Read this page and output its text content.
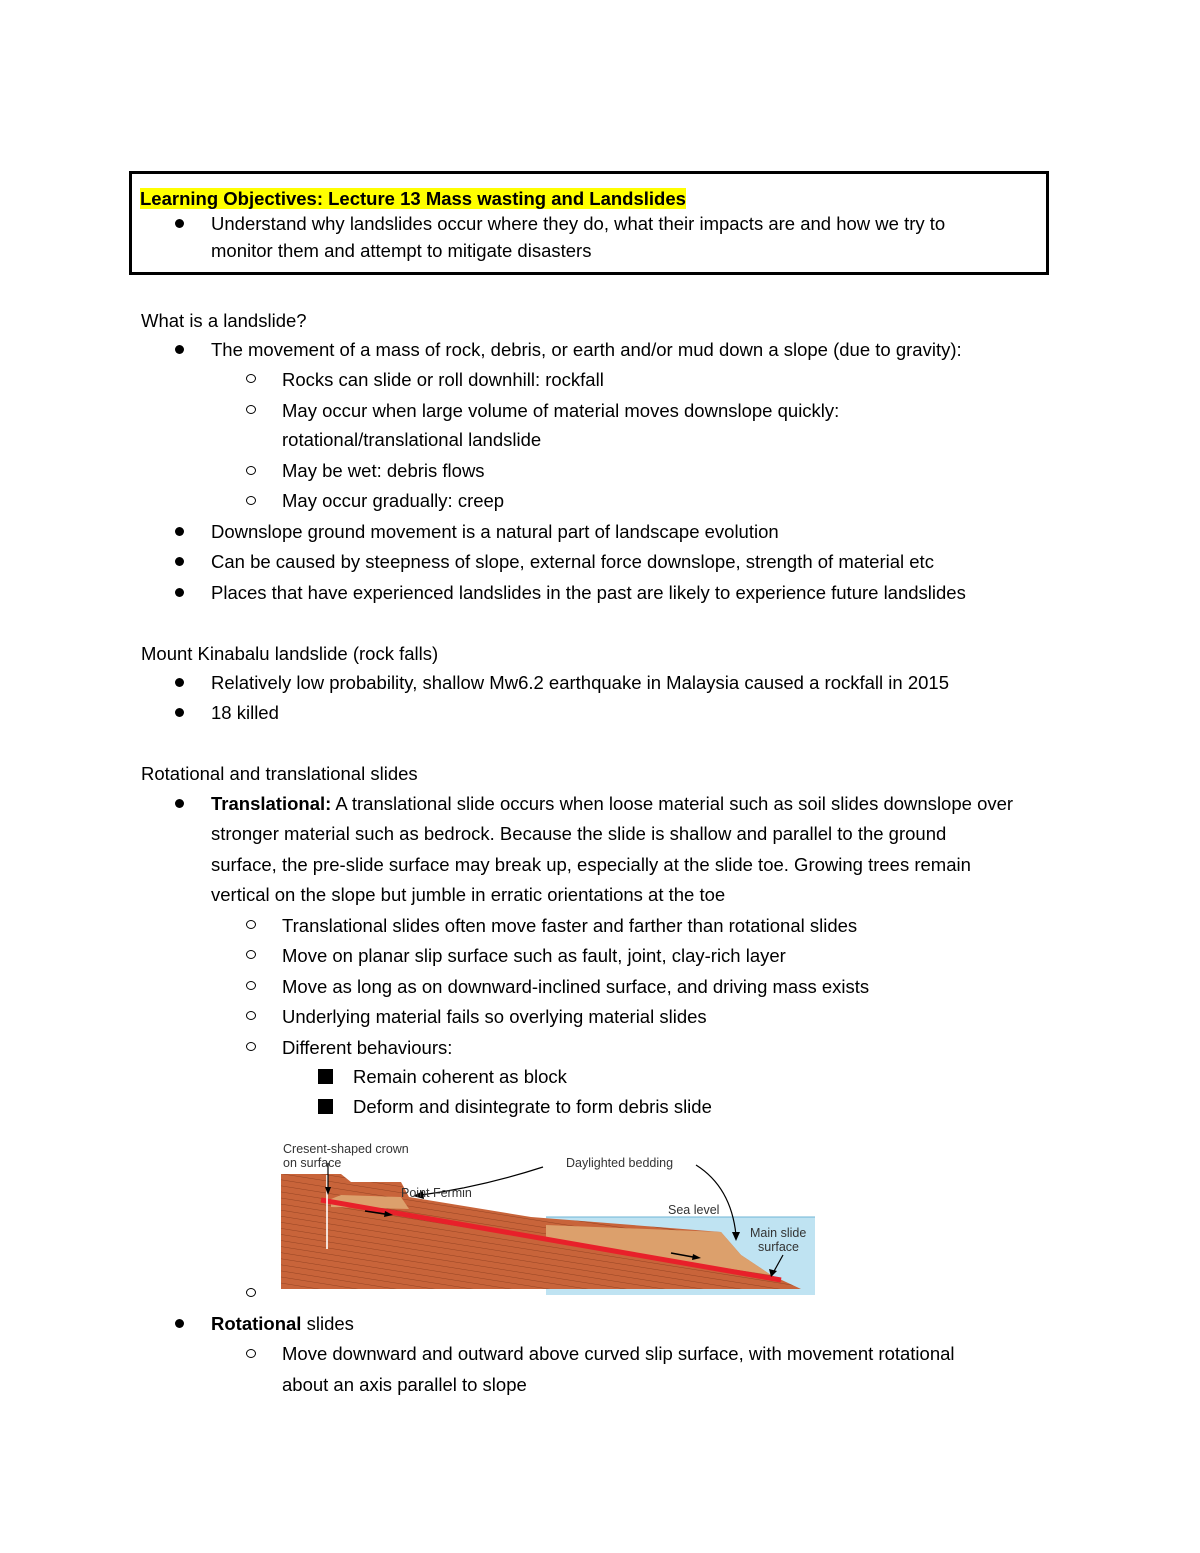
Learning Objectives: Lecture 13 Mass wasting and Landslides
Understand why landslides occur where they do, what their impacts are and how we try to
monitor them and attempt to mitigate disasters
What is a landslide?
The movement of a mass of rock, debris, or earth and/or mud down a slope (due to gravity):
Rocks can slide or roll downhill: rockfall
May occur when large volume of material moves downslope quickly:
rotational/translational landslide
May be wet: debris flows
May occur gradually: creep
Downslope ground movement is a natural part of landscape evolution
Can be caused by steepness of slope, external force downslope, strength of material etc
Places that have experienced landslides in the past are likely to experience future landslides
Mount Kinabalu landslide (rock falls)
Relatively low probability, shallow Mw6.2 earthquake in Malaysia caused a rockfall in 2015
18 killed
Rotational and translational slides
Translational: A translational slide occurs when loose material such as soil slides downslope over
stronger material such as bedrock. Because the slide is shallow and parallel to the ground
surface, the pre-slide surface may break up, especially at the slide toe. Growing trees remain
vertical on the slope but jumble in erratic orientations at the toe
Translational slides often move faster and farther than rotational slides
Move on planar slip surface such as fault, joint, clay-rich layer
Move as long as on downward-inclined surface, and driving mass exists
Underlying material fails so overlying material slides
Different behaviours:
Remain coherent as block
Deform and disintegrate to form debris slide
Cresent-shaped crown
on surface
Point Fermin
Daylighted bedding
Sea level
Main slide
surface
Rotational slides
Move downward and outward above curved slip surface, with movement rotational
about an axis parallel to slope
